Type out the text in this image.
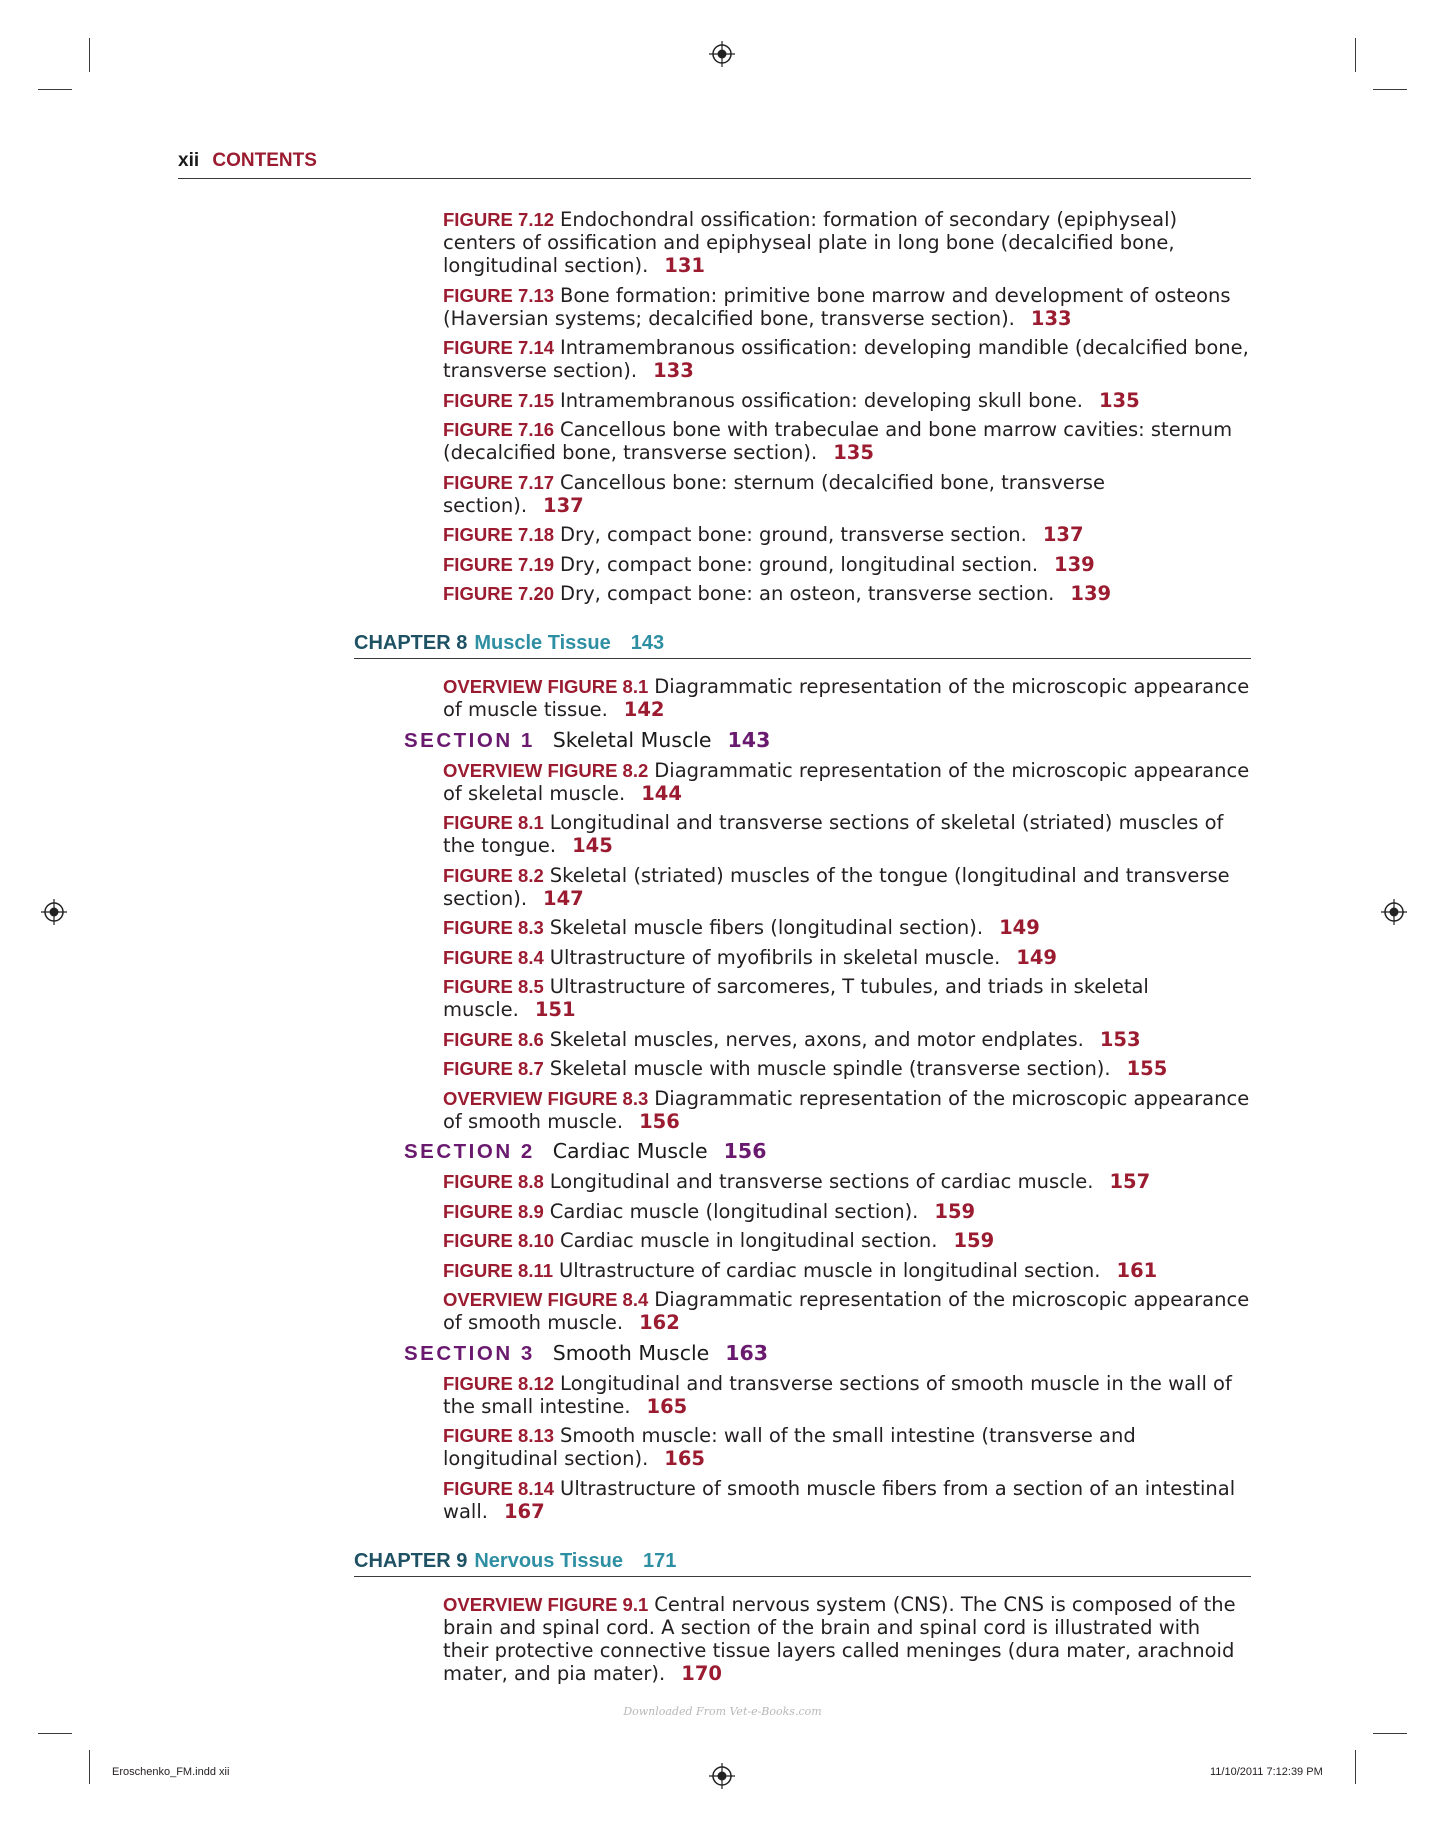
xii CONTENTS
FIGURE 7.12 Endochondral ossification: formation of secondary (epiphyseal) centers of ossification and epiphyseal plate in long bone (decalcified bone, longitudinal section). 131
FIGURE 7.13 Bone formation: primitive bone marrow and development of osteons (Haversian systems; decalcified bone, transverse section). 133
FIGURE 7.14 Intramembranous ossification: developing mandible (decalcified bone, transverse section). 133
FIGURE 7.15 Intramembranous ossification: developing skull bone. 135
FIGURE 7.16 Cancellous bone with trabeculae and bone marrow cavities: sternum (decalcified bone, transverse section). 135
FIGURE 7.17 Cancellous bone: sternum (decalcified bone, transverse section). 137
FIGURE 7.18 Dry, compact bone: ground, transverse section. 137
FIGURE 7.19 Dry, compact bone: ground, longitudinal section. 139
FIGURE 7.20 Dry, compact bone: an osteon, transverse section. 139
CHAPTER 8 Muscle Tissue 143
OVERVIEW FIGURE 8.1 Diagrammatic representation of the microscopic appearance of muscle tissue. 142
SECTION 1 Skeletal Muscle 143
OVERVIEW FIGURE 8.2 Diagrammatic representation of the microscopic appearance of skeletal muscle. 144
FIGURE 8.1 Longitudinal and transverse sections of skeletal (striated) muscles of the tongue. 145
FIGURE 8.2 Skeletal (striated) muscles of the tongue (longitudinal and transverse section). 147
FIGURE 8.3 Skeletal muscle fibers (longitudinal section). 149
FIGURE 8.4 Ultrastructure of myofibrils in skeletal muscle. 149
FIGURE 8.5 Ultrastructure of sarcomeres, T tubules, and triads in skeletal muscle. 151
FIGURE 8.6 Skeletal muscles, nerves, axons, and motor endplates. 153
FIGURE 8.7 Skeletal muscle with muscle spindle (transverse section). 155
OVERVIEW FIGURE 8.3 Diagrammatic representation of the microscopic appearance of smooth muscle. 156
SECTION 2 Cardiac Muscle 156
FIGURE 8.8 Longitudinal and transverse sections of cardiac muscle. 157
FIGURE 8.9 Cardiac muscle (longitudinal section). 159
FIGURE 8.10 Cardiac muscle in longitudinal section. 159
FIGURE 8.11 Ultrastructure of cardiac muscle in longitudinal section. 161
OVERVIEW FIGURE 8.4 Diagrammatic representation of the microscopic appearance of smooth muscle. 162
SECTION 3 Smooth Muscle 163
FIGURE 8.12 Longitudinal and transverse sections of smooth muscle in the wall of the small intestine. 165
FIGURE 8.13 Smooth muscle: wall of the small intestine (transverse and longitudinal section). 165
FIGURE 8.14 Ultrastructure of smooth muscle fibers from a section of an intestinal wall. 167
CHAPTER 9 Nervous Tissue 171
OVERVIEW FIGURE 9.1 Central nervous system (CNS). The CNS is composed of the brain and spinal cord. A section of the brain and spinal cord is illustrated with their protective connective tissue layers called meninges (dura mater, arachnoid mater, and pia mater). 170
Downloaded From Vet-e-Books.com
Eroschenko_FM.indd xii	11/10/2011 7:12:39 PM
